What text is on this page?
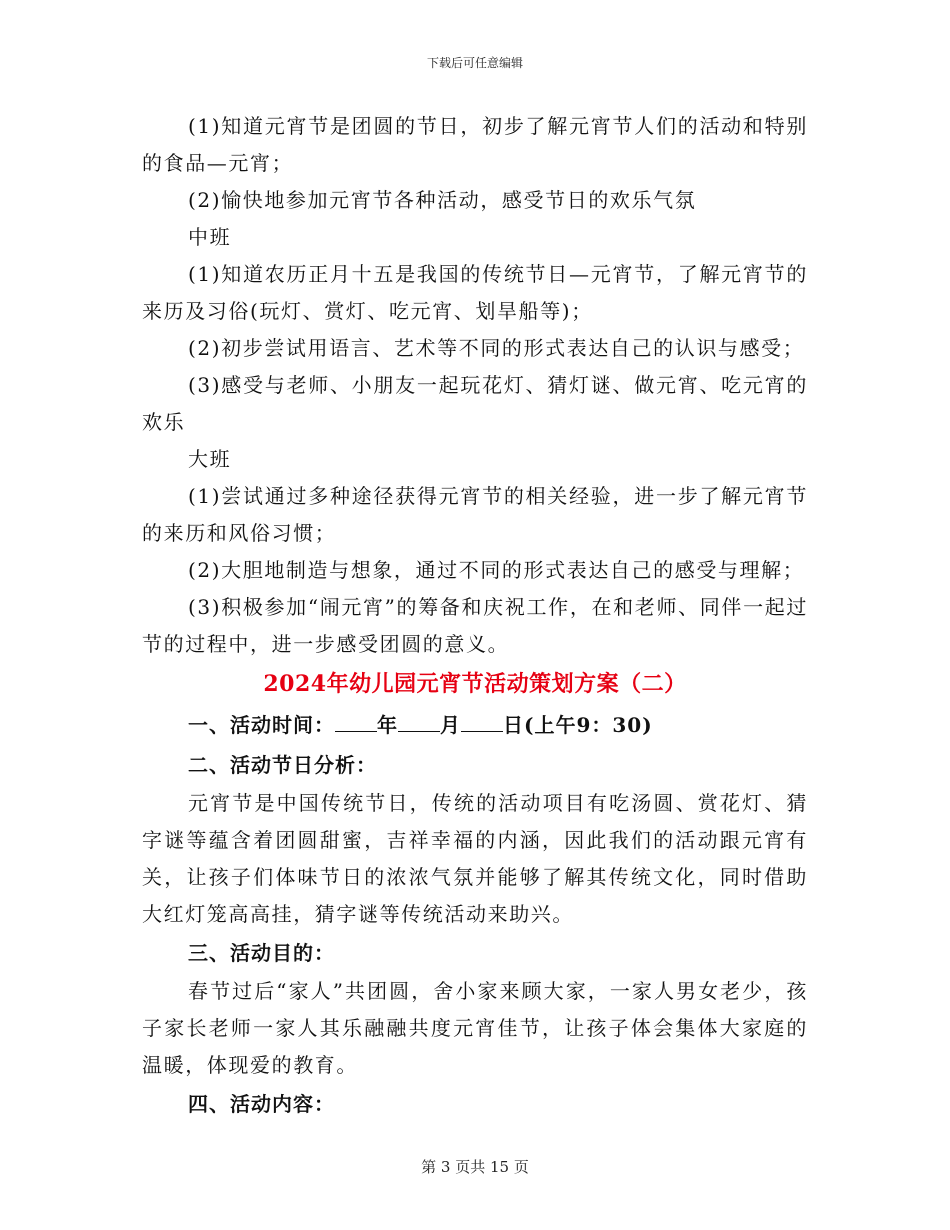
下载后可任意编辑

(1)知道元宵节是团圆的节日，初步了解元宵节人们的活动和特别的食品—元宵；

(2)愉快地参加元宵节各种活动，感受节日的欢乐气氛

中班

(1)知道农历正月十五是我国的传统节日—元宵节，了解元宵节的来历及习俗(玩灯、赏灯、吃元宵、划旱船等)；

(2)初步尝试用语言、艺术等不同的形式表达自己的认识与感受；

(3)感受与老师、小朋友一起玩花灯、猜灯谜、做元宵、吃元宵的欢乐

大班

(1)尝试通过多种途径获得元宵节的相关经验，进一步了解元宵节的来历和风俗习惯；

(2)大胆地制造与想象，通过不同的形式表达自己的感受与理解；

(3)积极参加“闹元宵”的筹备和庆祝工作，在和老师、同伴一起过节的过程中，进一步感受团圆的意义。

2024年幼儿园元宵节活动策划方案（二）

一、活动时间： 年 月 日(上午9：30)

二、活动节日分析：

元宵节是中国传统节日，传统的活动项目有吃汤圆、赏花灯、猜字谜等蕴含着团圆甜蜜，吉祥幸福的内涵，因此我们的活动跟元宵有关，让孩子们体味节日的浓浓气氛并能够了解其传统文化，同时借助大红灯笼高高挂，猜字谜等传统活动来助兴。

三、活动目的：

春节过后“家人”共团圆，舍小家来顾大家，一家人男女老少，孩子家长老师一家人其乐融融共度元宵佳节，让孩子体会集体大家庭的温暖，体现爱的教育。

四、活动内容：

第 3 页共 15 页
